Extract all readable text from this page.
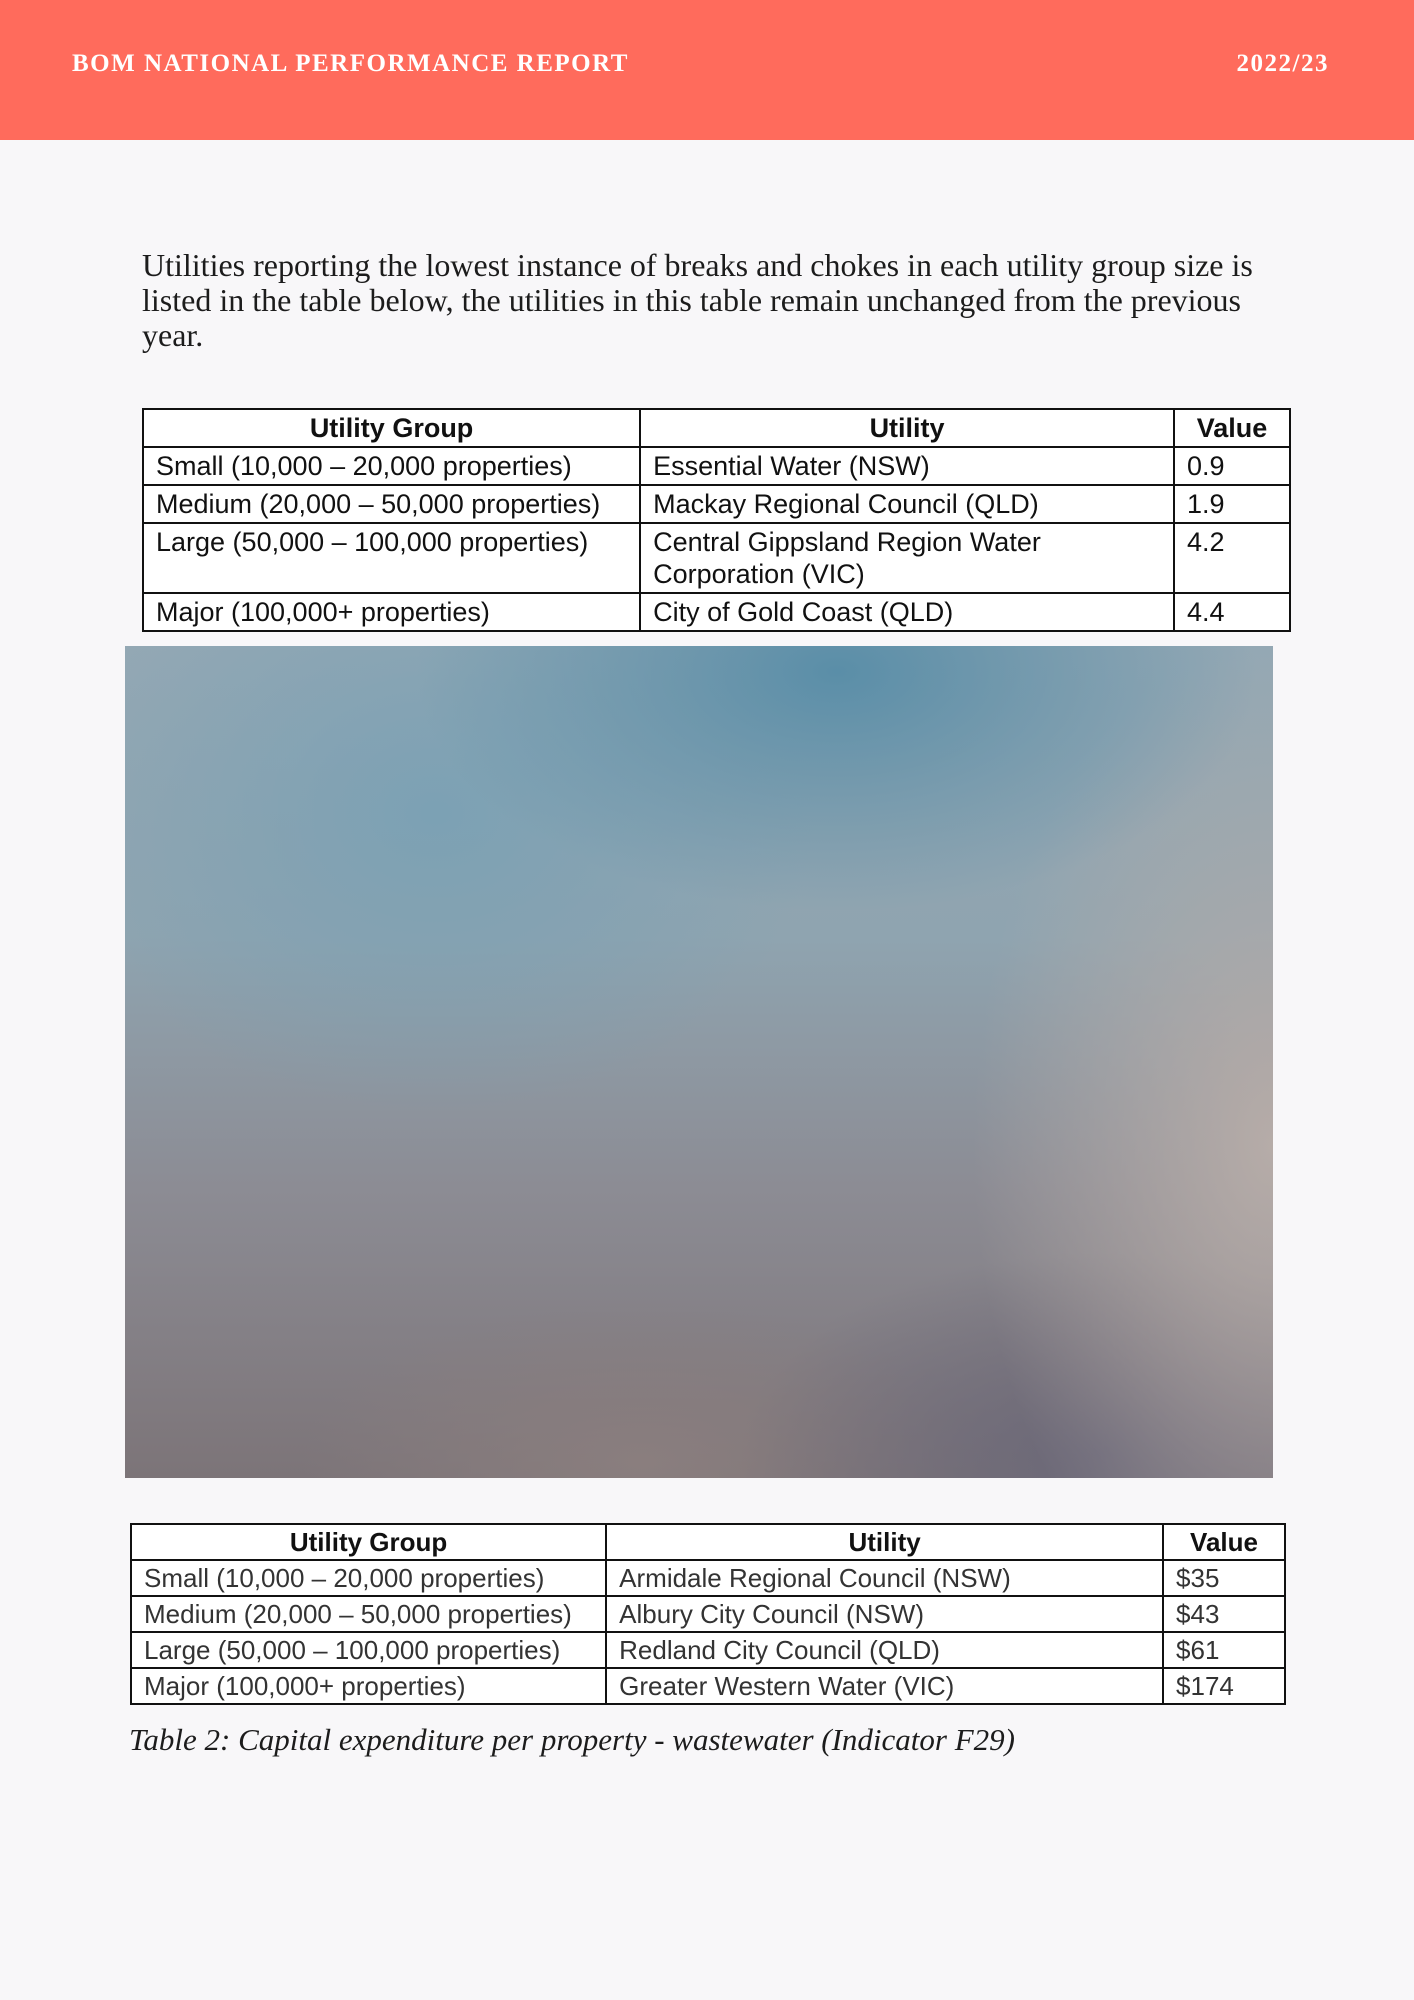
BOM NATIONAL PERFORMANCE REPORT	2022/23

Utilities reporting the lowest instance of breaks and chokes in each utility group size is listed in the table below, the utilities in this table remain unchanged from the previous year.

Utility Group	Utility	Value
Small (10,000 – 20,000 properties)	Essential Water (NSW)	0.9
Medium (20,000 – 50,000 properties)	Mackay Regional Council (QLD)	1.9
Large (50,000 – 100,000 properties)	Central Gippsland Region Water Corporation (VIC)	4.2
Major (100,000+ properties)	City of Gold Coast (QLD)	4.4
Utility Group	Utility	Value
Small (10,000 – 20,000 properties)	Armidale Regional Council (NSW)	$35
Medium (20,000 – 50,000 properties)	Albury City Council (NSW)	$43
Large (50,000 – 100,000 properties)	Redland City Council (QLD)	$61
Major (100,000+ properties)	Greater Western Water (VIC)	$174
Table 2: Capital expenditure per property - wastewater (Indicator F29)
